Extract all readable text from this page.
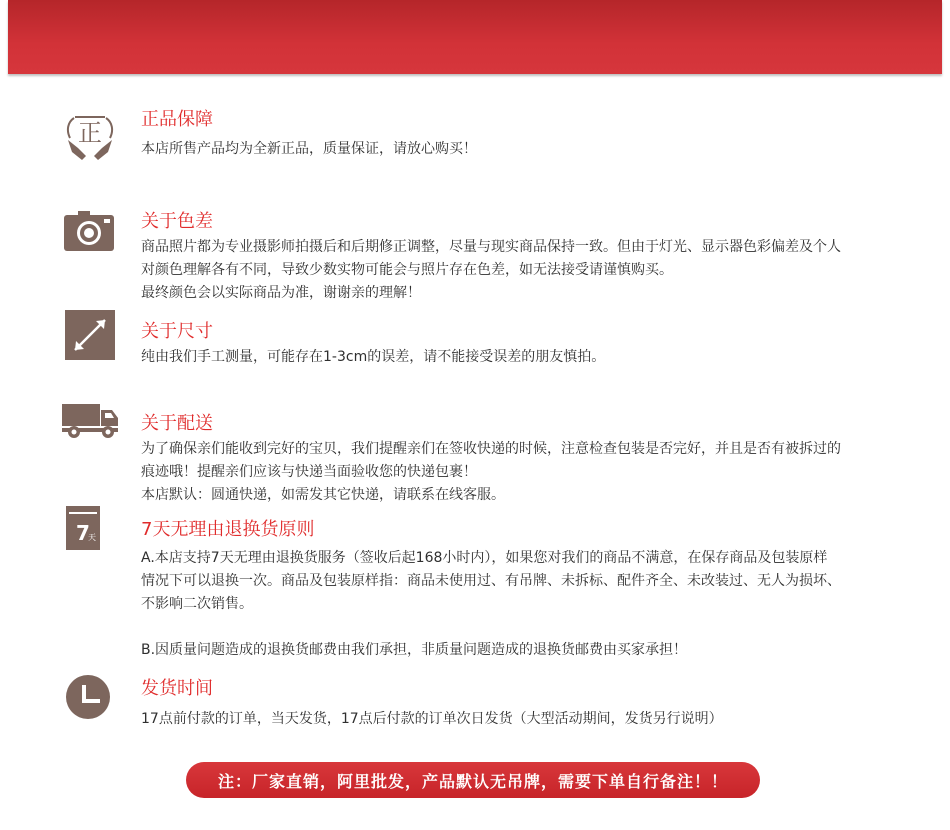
正 正品保障

本店所售产品均为全新正品，质量保证，请放心购买！

关于色差

商品照片都为专业摄影师拍摄后和后期修正调整，尽量与现实商品保持一致。但由于灯光、显示器色彩偏差及个人

对颜色理解各有不同，导致少数实物可能会与照片存在色差，如无法接受请谨慎购买。

最终颜色会以实际商品为准，谢谢亲的理解！

关于尺寸

纯由我们手工测量，可能存在1-3cm的误差，请不能接受误差的朋友慎拍。

关于配送

为了确保亲们能收到完好的宝贝，我们提醒亲们在签收快递的时候，注意检查包装是否完好，并且是否有被拆过的

痕迹哦！提醒亲们应该与快递当面验收您的快递包裹！

本店默认：圆通快递，如需发其它快递，请联系在线客服。

7
天	7天无理由退换货原则

A.本店支持7天无理由退换货服务（签收后起168小时内），如果您对我们的商品不满意，在保存商品及包装原样

情况下可以退换一次。商品及包装原样指：商品未使用过、有吊牌、未拆标、配件齐全、未改装过、无人为损坏、

不影响二次销售。

B.因质量问题造成的退换货邮费由我们承担，非质量问题造成的退换货邮费由买家承担！

发货时间

17点前付款的订单，当天发货，17点后付款的订单次日发货（大型活动期间，发货另行说明）

注：厂家直销，阿里批发，产品默认无吊牌，需要下单自行备注！！
